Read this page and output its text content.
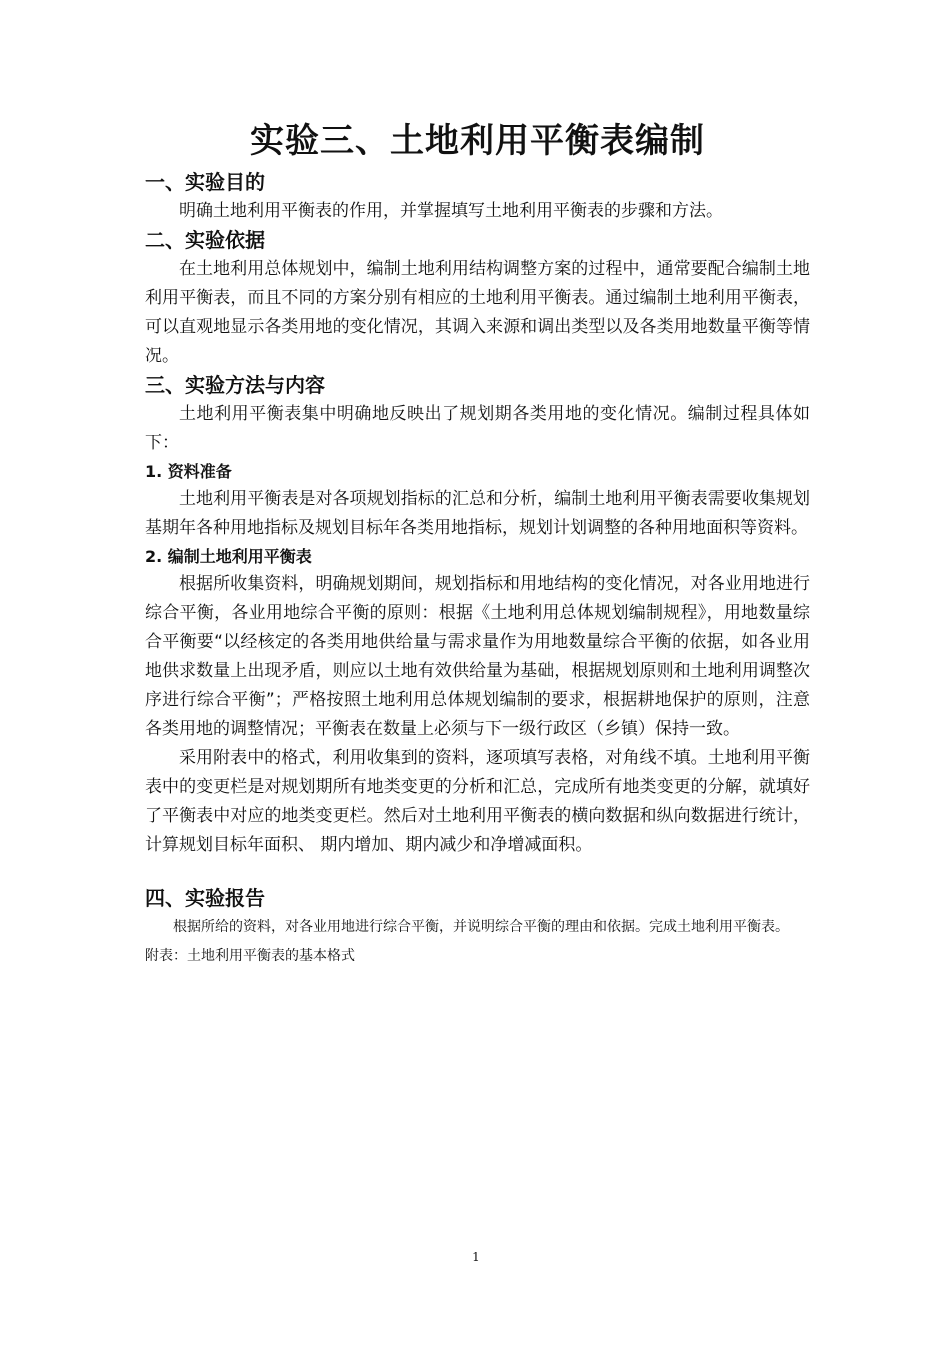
实验三、土地利用平衡表编制
一、实验目的

明确土地利用平衡表的作用，并掌握填写土地利用平衡表的步骤和方法。

二、实验依据

在土地利用总体规划中，编制土地利用结构调整方案的过程中，通常要配合编制土地利用平衡表，而且不同的方案分别有相应的土地利用平衡表。通过编制土地利用平衡表，可以直观地显示各类用地的变化情况，其调入来源和调出类型以及各类用地数量平衡等情况。

三、实验方法与内容

土地利用平衡表集中明确地反映出了规划期各类用地的变化情况。编制过程具体如下：

1. 资料准备

土地利用平衡表是对各项规划指标的汇总和分析，编制土地利用平衡表需要收集规划基期年各种用地指标及规划目标年各类用地指标，规划计划调整的各种用地面积等资料。

2. 编制土地利用平衡表

根据所收集资料，明确规划期间，规划指标和用地结构的变化情况，对各业用地进行综合平衡，各业用地综合平衡的原则：根据《土地利用总体规划编制规程》，用地数量综合平衡要“以经核定的各类用地供给量与需求量作为用地数量综合平衡的依据，如各业用地供求数量上出现矛盾，则应以土地有效供给量为基础，根据规划原则和土地利用调整次序进行综合平衡”；严格按照土地利用总体规划编制的要求，根据耕地保护的原则，注意各类用地的调整情况；平衡表在数量上必须与下一级行政区（乡镇）保持一致。

采用附表中的格式，利用收集到的资料，逐项填写表格，对角线不填。土地利用平衡表中的变更栏是对规划期所有地类变更的分析和汇总，完成所有地类变更的分解，就填好了平衡表中对应的地类变更栏。然后对土地利用平衡表的横向数据和纵向数据进行统计，计算规划目标年面积、 期内增加、期内减少和净增减面积。

四、实验报告

根据所给的资料，对各业用地进行综合平衡，并说明综合平衡的理由和依据。完成土地利用平衡表。

附表：土地利用平衡表的基本格式

1
